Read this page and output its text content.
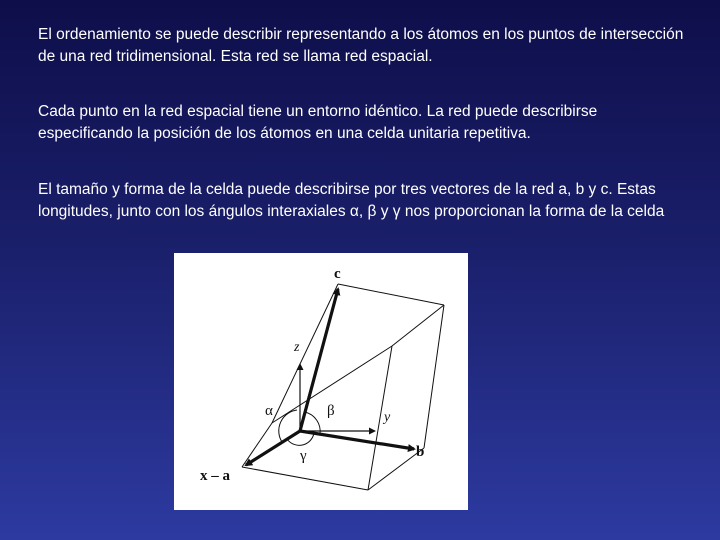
El ordenamiento se puede describir representando a los átomos en los puntos de intersección de una red tridimensional. Esta red se llama red espacial.

Cada punto en la red espacial tiene un entorno idéntico. La red puede describirse especificando la posición de los átomos en una celda unitaria repetitiva.

El tamaño y forma de la celda puede describirse por tres vectores de la red a, b y c. Estas longitudes, junto con los ángulos interaxiales α, β y γ nos proporcionan la forma de la celda

c
z
α	β	y
b
γ
x – a
